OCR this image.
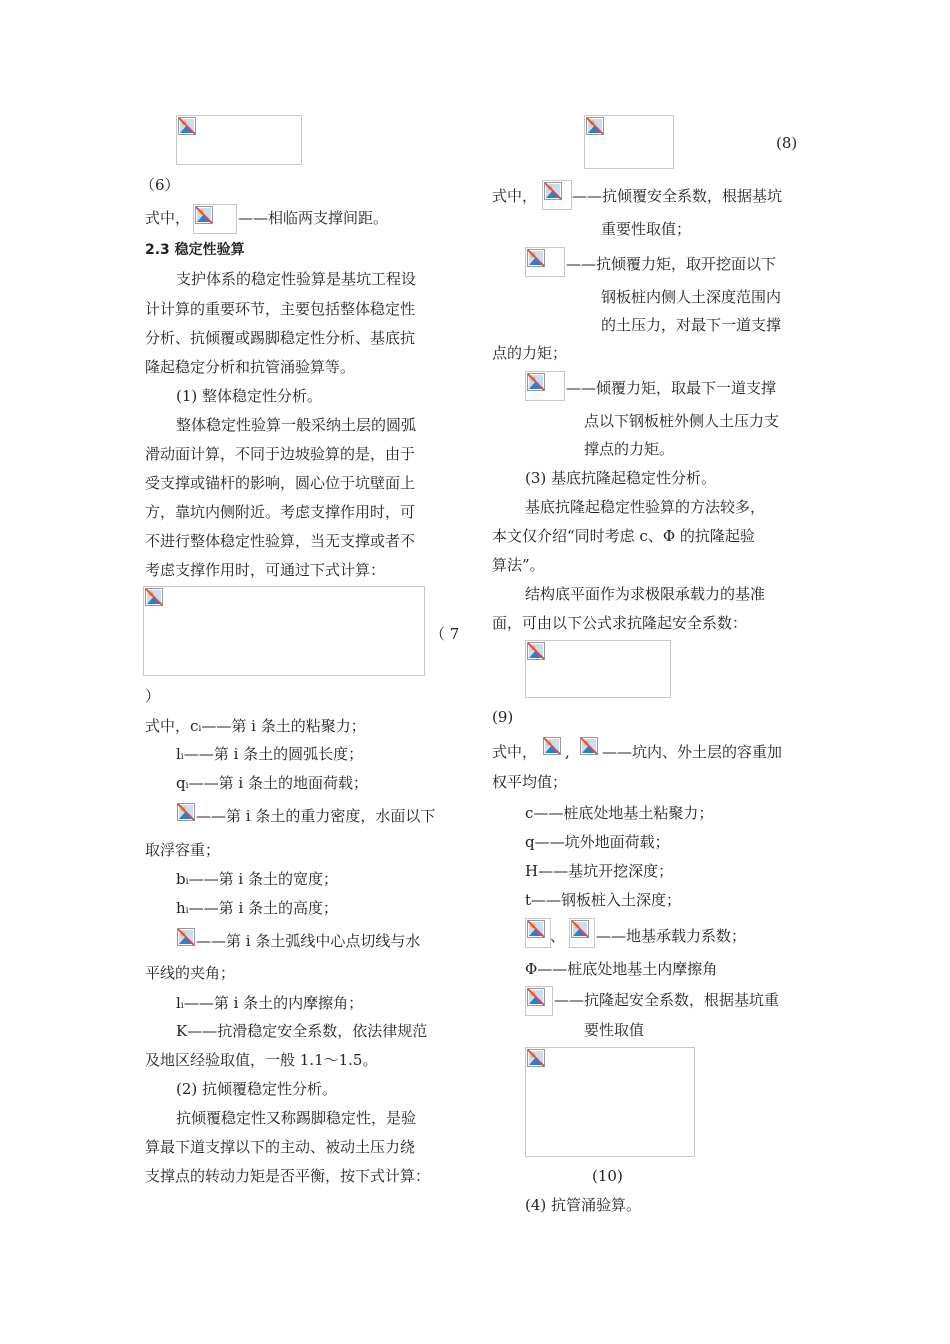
（6）
式中，	——相临两支撑间距。
2.3 稳定性验算
支护体系的稳定性验算是基坑工程设
计计算的重要环节，主要包括整体稳定性
分析、抗倾覆或踢脚稳定性分析、基底抗
隆起稳定分析和抗管涌验算等。
(1) 整体稳定性分析。
整体稳定性验算一般采纳土层的圆弧
滑动面计算，不同于边坡验算的是，由于
受支撑或锚杆的影响，圆心位于坑壁面上
方，靠坑内侧附近。考虑支撑作用时，可
不进行整体稳定性验算，当无支撑或者不
考虑支撑作用时，可通过下式计算：
（ 7
）
式中，cᵢ——第 i 条土的粘聚力；
lᵢ——第 i 条土的圆弧长度；
qᵢ——第 i 条土的地面荷载；
——第 i 条土的重力密度，水面以下
取浮容重；
bᵢ——第 i 条土的宽度；
hᵢ——第 i 条土的高度；
——第 i 条土弧线中心点切线与水
平线的夹角；
lᵢ——第 i 条土的内摩擦角；
K——抗滑稳定安全系数，依法律规范
及地区经验取值，一般 1.1～1.5。
(2) 抗倾覆稳定性分析。
抗倾覆稳定性又称踢脚稳定性，是验
算最下道支撑以下的主动、被动土压力绕
支撑点的转动力矩是否平衡，按下式计算：
(8)
式中， ——抗倾覆安全系数，根据基坑
重要性取值；
——抗倾覆力矩，取开挖面以下
钢板桩内侧人土深度范围内
的土压力，对最下一道支撑
点的力矩；
——倾覆力矩，取最下一道支撑
点以下钢板桩外侧人土压力支
撑点的力矩。
(3) 基底抗隆起稳定性分析。
基底抗隆起稳定性验算的方法较多，
本文仅介绍“同时考虑 c、Φ 的抗隆起验
算法”。
结构底平面作为求极限承载力的基准
面，可由以下公式求抗隆起安全系数：
(9)
式中， , ——坑内、外土层的容重加
权平均值；
c——桩底处地基土粘聚力；
q——坑外地面荷载；
H——基坑开挖深度；
t——钢板桩入土深度；
、 ——地基承载力系数；
Φ——桩底处地基土内摩擦角
——抗隆起安全系数，根据基坑重
要性取值
(10)
(4) 抗管涌验算。
